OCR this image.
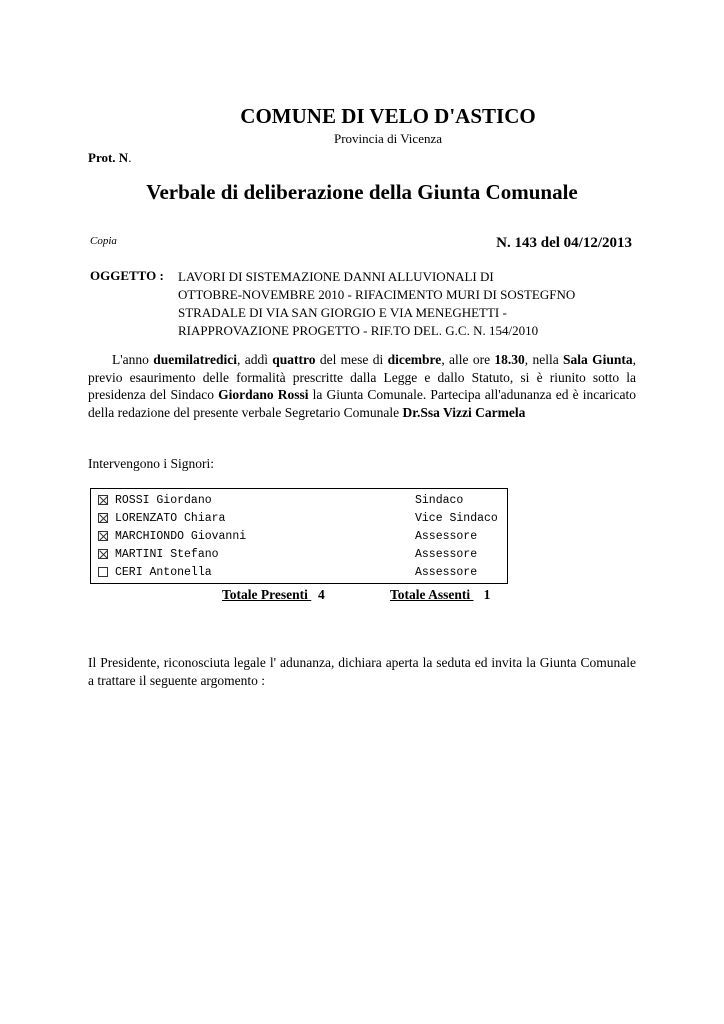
COMUNE DI VELO D'ASTICO
Provincia di Vicenza
Prot. N.
Verbale di deliberazione della Giunta Comunale
Copia	N. 143 del 04/12/2013
OGGETTO : LAVORI DI SISTEMAZIONE DANNI ALLUVIONALI DI
OTTOBRE-NOVEMBRE 2010 - RIFACIMENTO MURI DI SOSTEGFNO
STRADALE DI VIA SAN GIORGIO E VIA MENEGHETTI -
RIAPPROVAZIONE PROGETTO - RIF.TO DEL. G.C. N. 154/2010
L'anno duemilatredici, addì quattro del mese di dicembre, alle ore 18.30, nella Sala Giunta, previo esaurimento delle formalità prescritte dalla Legge e dallo Statuto, si è riunito sotto la presidenza del Sindaco Giordano Rossi la Giunta Comunale. Partecipa all'adunanza ed è incaricato della redazione del presente verbale Segretario Comunale Dr.Ssa Vizzi Carmela
Intervengono i Signori:
ROSSI Giordano	Sindaco
LORENZATO Chiara	Vice Sindaco
MARCHIONDO Giovanni	Assessore
MARTINI Stefano	Assessore
CERI Antonella	Assessore
Totale Presenti   4	Totale Assenti    1
Il Presidente, riconosciuta legale l' adunanza, dichiara aperta la seduta ed invita la Giunta Comunale a trattare il seguente argomento :
